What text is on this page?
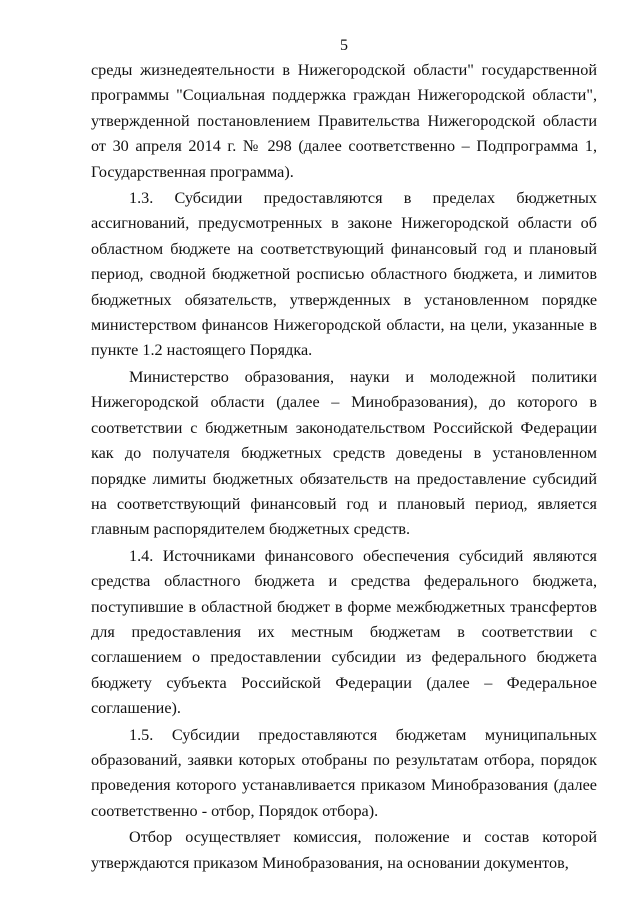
5

среды жизнедеятельности в Нижегородской области" государственной программы "Социальная поддержка граждан Нижегородской области", утвержденной постановлением Правительства Нижегородской области от 30 апреля 2014 г. № 298 (далее соответственно – Подпрограмма 1, Государственная программа).

1.3. Субсидии предоставляются в пределах бюджетных ассигнований, предусмотренных в законе Нижегородской области об областном бюджете на соответствующий финансовый год и плановый период, сводной бюджетной росписью областного бюджета, и лимитов бюджетных обязательств, утвержденных в установленном порядке министерством финансов Нижегородской области, на цели, указанные в пункте 1.2 настоящего Порядка.

Министерство образования, науки и молодежной политики Нижегородской области (далее – Минобразования), до которого в соответствии с бюджетным законодательством Российской Федерации как до получателя бюджетных средств доведены в установленном порядке лимиты бюджетных обязательств на предоставление субсидий на соответствующий финансовый год и плановый период, является главным распорядителем бюджетных средств.

1.4. Источниками финансового обеспечения субсидий являются средства областного бюджета и средства федерального бюджета, поступившие в областной бюджет в форме межбюджетных трансфертов для предоставления их местным бюджетам в соответствии с соглашением о предоставлении субсидии из федерального бюджета бюджету субъекта Российской Федерации (далее – Федеральное соглашение).

1.5. Субсидии предоставляются бюджетам муниципальных образований, заявки которых отобраны по результатам отбора, порядок проведения которого устанавливается приказом Минобразования (далее соответственно - отбор, Порядок отбора).

Отбор осуществляет комиссия, положение и состав которой утверждаются приказом Минобразования, на основании документов,
